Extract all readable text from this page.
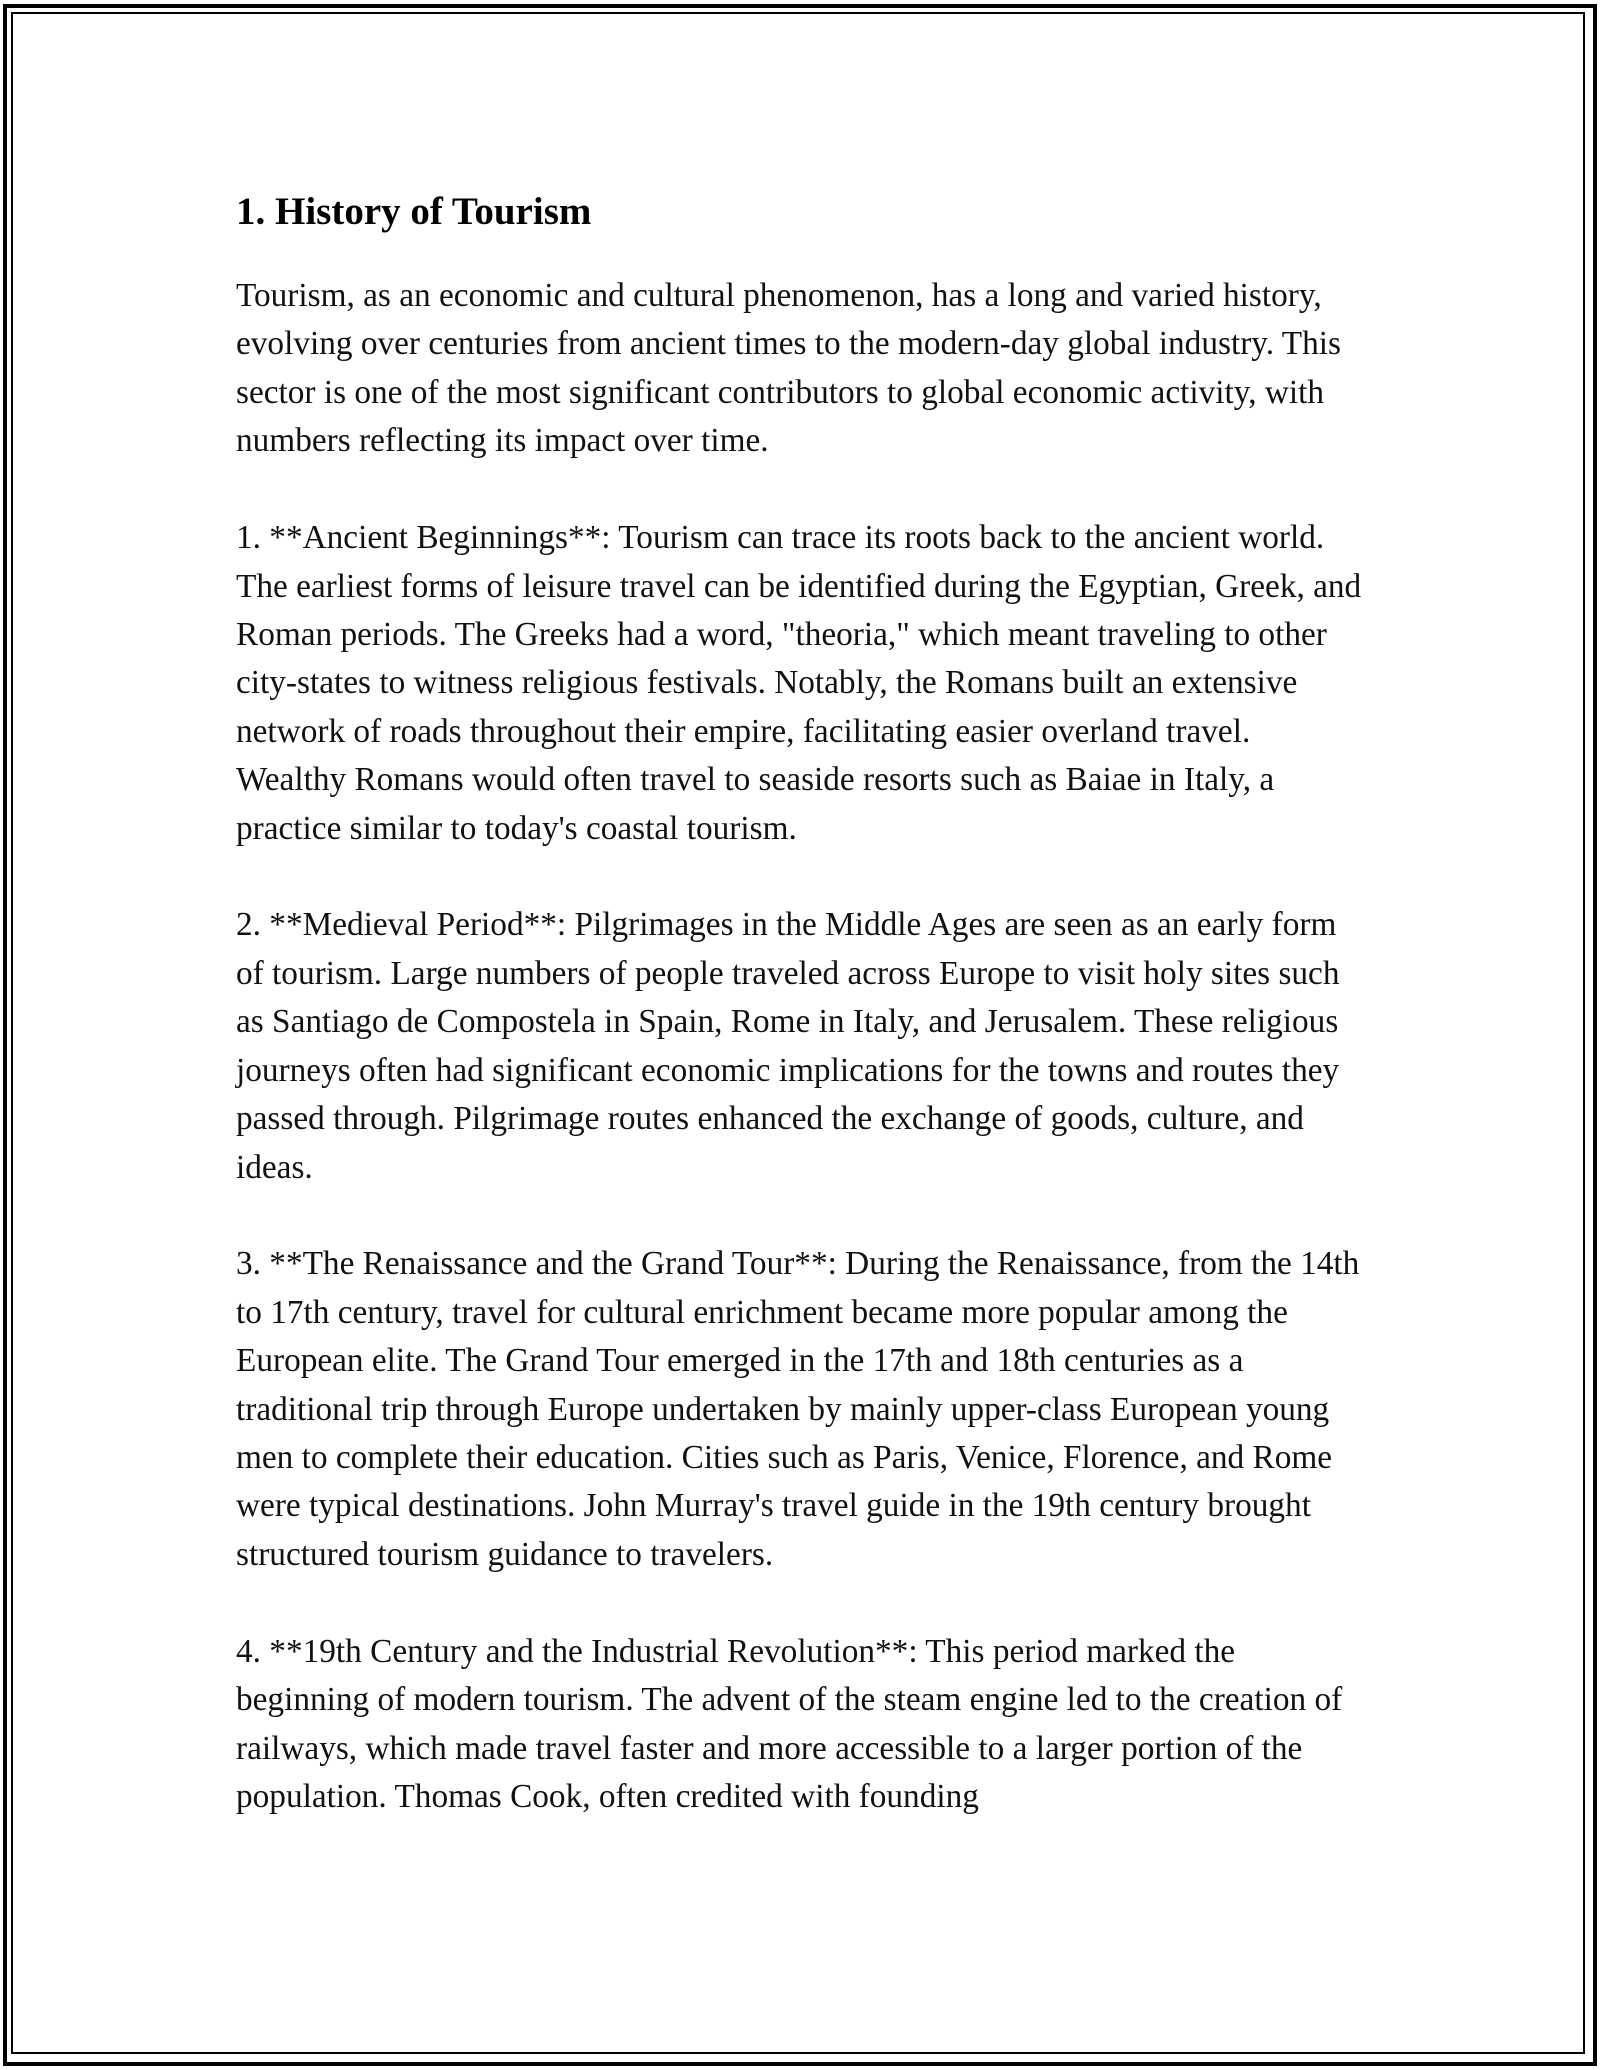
1. History of Tourism

Tourism, as an economic and cultural phenomenon, has a long and varied history, evolving over centuries from ancient times to the modern-day global industry. This sector is one of the most significant contributors to global economic activity, with numbers reflecting its impact over time.

1. **Ancient Beginnings**: Tourism can trace its roots back to the ancient world. The earliest forms of leisure travel can be identified during the Egyptian, Greek, and Roman periods. The Greeks had a word, "theoria," which meant traveling to other city-states to witness religious festivals. Notably, the Romans built an extensive network of roads throughout their empire, facilitating easier overland travel. Wealthy Romans would often travel to seaside resorts such as Baiae in Italy, a practice similar to today's coastal tourism.

2. **Medieval Period**: Pilgrimages in the Middle Ages are seen as an early form of tourism. Large numbers of people traveled across Europe to visit holy sites such as Santiago de Compostela in Spain, Rome in Italy, and Jerusalem. These religious journeys often had significant economic implications for the towns and routes they passed through. Pilgrimage routes enhanced the exchange of goods, culture, and ideas.

3. **The Renaissance and the Grand Tour**: During the Renaissance, from the 14th to 17th century, travel for cultural enrichment became more popular among the European elite. The Grand Tour emerged in the 17th and 18th centuries as a traditional trip through Europe undertaken by mainly upper-class European young men to complete their education. Cities such as Paris, Venice, Florence, and Rome were typical destinations. John Murray's travel guide in the 19th century brought structured tourism guidance to travelers.

4. **19th Century and the Industrial Revolution**: This period marked the beginning of modern tourism. The advent of the steam engine led to the creation of railways, which made travel faster and more accessible to a larger portion of the population. Thomas Cook, often credited with founding
